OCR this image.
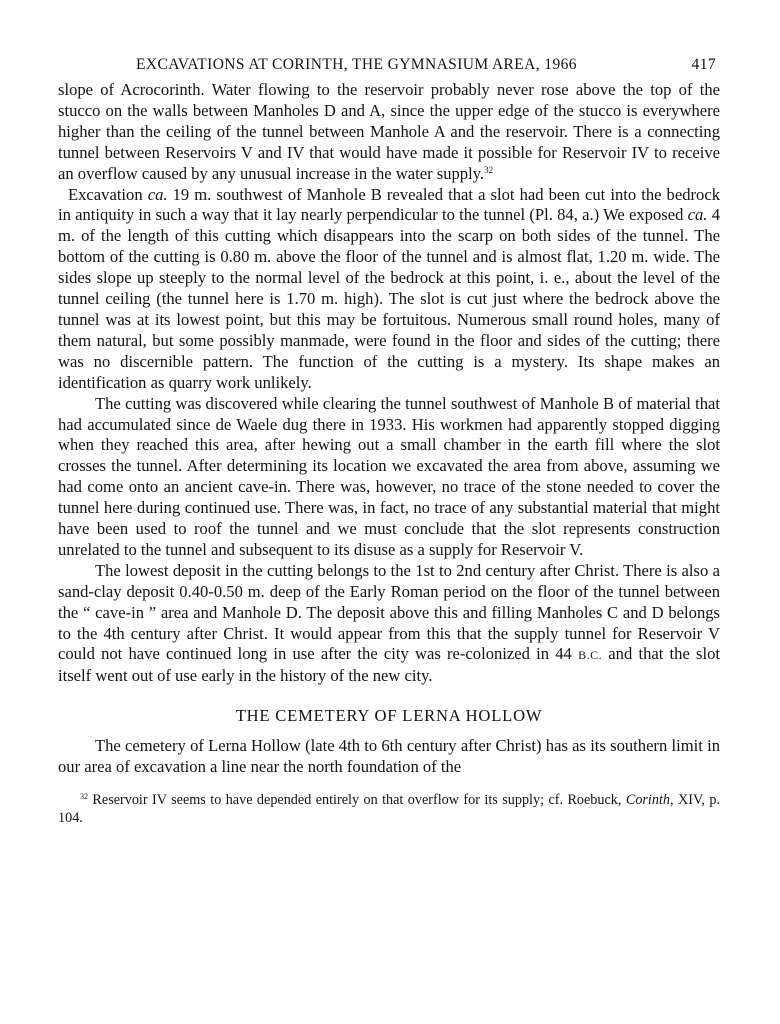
EXCAVATIONS AT CORINTH, THE GYMNASIUM AREA, 1966	417

slope of Acrocorinth. Water flowing to the reservoir probably never rose above the top of the stucco on the walls between Manholes D and A, since the upper edge of the stucco is everywhere higher than the ceiling of the tunnel between Manhole A and the reservoir. There is a connecting tunnel between Reservoirs V and IV that would have made it possible for Reservoir IV to receive an overflow caused by any unusual increase in the water supply.$^{32}$

Excavation ca. 19 m. southwest of Manhole B revealed that a slot had been cut into the bedrock in antiquity in such a way that it lay nearly perpendicular to the tunnel (Pl. 84, a.) We exposed ca. 4 m. of the length of this cutting which disappears into the scarp on both sides of the tunnel. The bottom of the cutting is 0.80 m. above the floor of the tunnel and is almost flat, 1.20 m. wide. The sides slope up steeply to the normal level of the bedrock at this point, i. e., about the level of the tunnel ceiling (the tunnel here is 1.70 m. high). The slot is cut just where the bedrock above the tunnel was at its lowest point, but this may be fortuitous. Numerous small round holes, many of them natural, but some possibly manmade, were found in the floor and sides of the cutting; there was no discernible pattern. The function of the cutting is a mystery. Its shape makes an identification as quarry work unlikely.

The cutting was discovered while clearing the tunnel southwest of Manhole B of material that had accumulated since de Waele dug there in 1933. His workmen had apparently stopped digging when they reached this area, after hewing out a small chamber in the earth fill where the slot crosses the tunnel. After determining its location we excavated the area from above, assuming we had come onto an ancient cave-in. There was, however, no trace of the stone needed to cover the tunnel here during continued use. There was, in fact, no trace of any substantial material that might have been used to roof the tunnel and we must conclude that the slot represents construction unrelated to the tunnel and subsequent to its disuse as a supply for Reservoir V.

The lowest deposit in the cutting belongs to the 1st to 2nd century after Christ. There is also a sand-clay deposit 0.40-0.50 m. deep of the Early Roman period on the floor of the tunnel between the “ cave-in ” area and Manhole D. The deposit above this and filling Manholes C and D belongs to the 4th century after Christ. It would appear from this that the supply tunnel for Reservoir V could not have continued long in use after the city was re-colonized in 44 B.C. and that the slot itself went out of use early in the history of the new city.

THE CEMETERY OF LERNA HOLLOW

The cemetery of Lerna Hollow (late 4th to 6th century after Christ) has as its southern limit in our area of excavation a line near the north foundation of the

$^{32}$ Reservoir IV seems to have depended entirely on that overflow for its supply; cf. Roebuck, Corinth, XIV, p. 104.
